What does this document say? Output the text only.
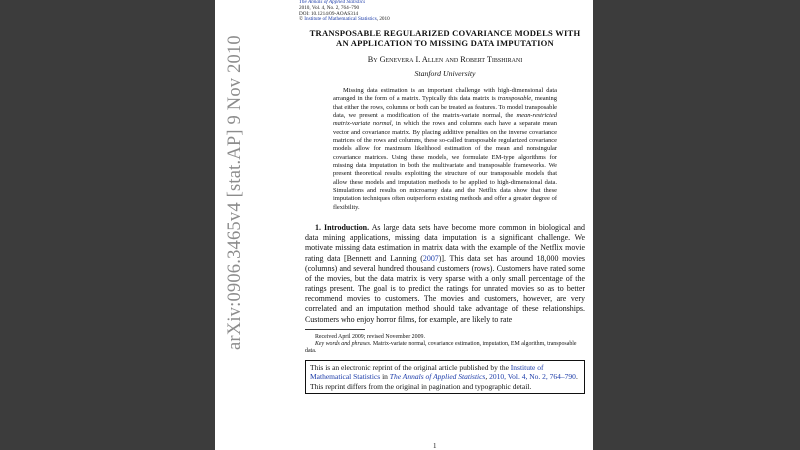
arXiv:0906.3465v4 [stat.AP] 9 Nov 2010
The Annals of Applied Statistics
2010, Vol. 4, No. 2, 764–790
DOI: 10.1214/09-AOAS314
© Institute of Mathematical Statistics, 2010
TRANSPOSABLE REGULARIZED COVARIANCE MODELS WITH
AN APPLICATION TO MISSING DATA IMPUTATION
By Genevera I. Allen and Robert Tibshirani
Stanford University
Missing data estimation is an important challenge with high-dimensional data arranged in the form of a matrix. Typically this data matrix is transposable, meaning that either the rows, columns or both can be treated as features. To model transposable data, we present a modification of the matrix-variate normal, the mean-restricted matrix-variate normal, in which the rows and columns each have a separate mean vector and covariance matrix. By placing additive penalties on the inverse covariance matrices of the rows and columns, these so-called transposable regularized covariance models allow for maximum likelihood estimation of the mean and nonsingular covariance matrices. Using these models, we formulate EM-type algorithms for missing data imputation in both the multivariate and transposable frameworks. We present theoretical results exploiting the structure of our transposable models that allow these models and imputation methods to be applied to high-dimensional data. Simulations and results on microarray data and the Netflix data show that these imputation techniques often outperform existing methods and offer a greater degree of flexibility.
1. Introduction. As large data sets have become more common in biological and data mining applications, missing data imputation is a significant challenge. We motivate missing data estimation in matrix data with the example of the Netflix movie rating data [Bennett and Lanning (2007)]. This data set has around 18,000 movies (columns) and several hundred thousand customers (rows). Customers have rated some of the movies, but the data matrix is very sparse with a only small percentage of the ratings present. The goal is to predict the ratings for unrated movies so as to better recommend movies to customers. The movies and customers, however, are very correlated and an imputation method should take advantage of these relationships. Customers who enjoy horror films, for example, are likely to rate
Received April 2009; revised November 2009.
Key words and phrases. Matrix-variate normal, covariance estimation, imputation, EM algorithm, transposable data.
This is an electronic reprint of the original article published by the Institute of Mathematical Statistics in The Annals of Applied Statistics, 2010, Vol. 4, No. 2, 764–790. This reprint differs from the original in pagination and typographic detail.
1
